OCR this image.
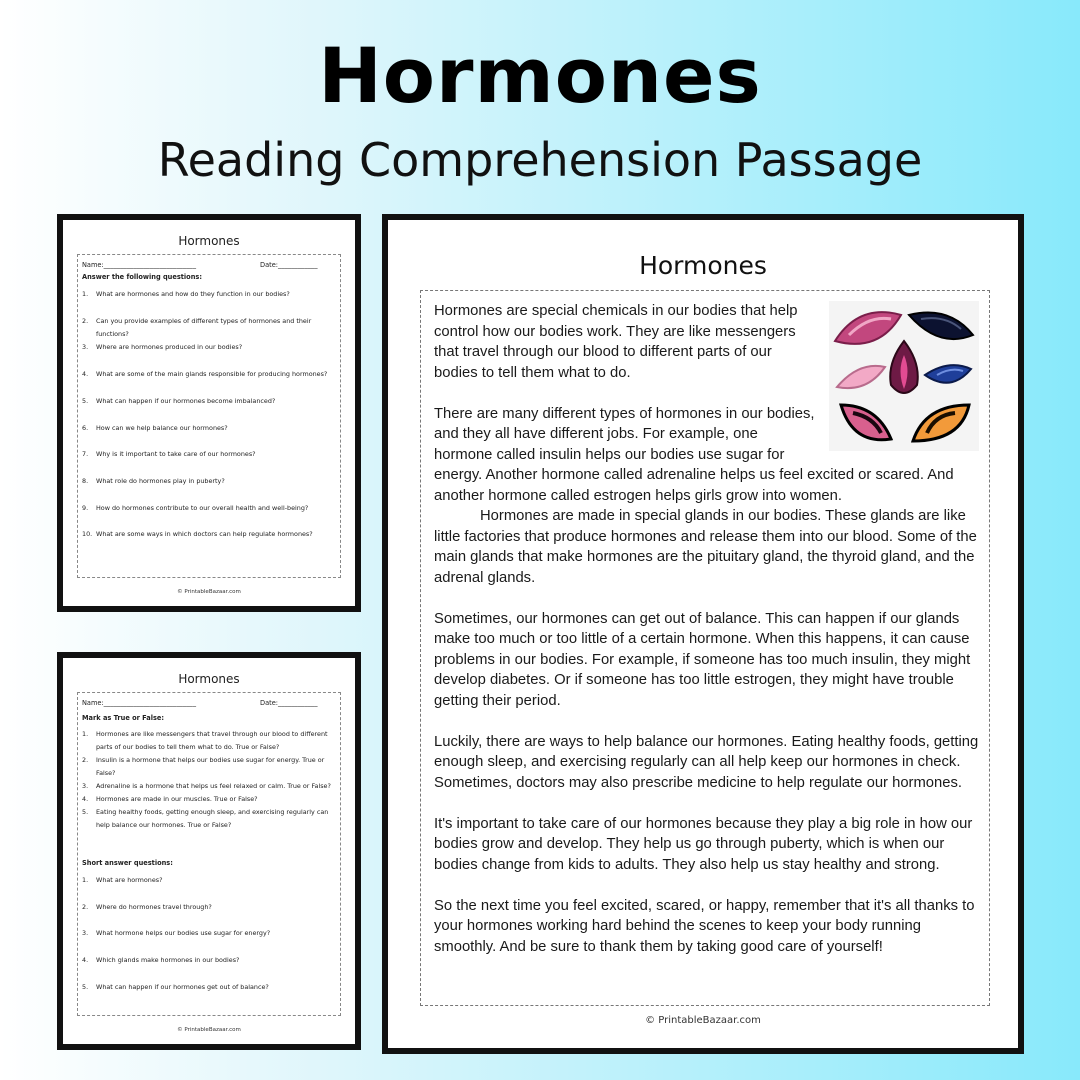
Hormones
Reading Comprehension Passage
Hormones
Name:____________________________	Date:____________
Answer the following questions:
1. What are hormones and how do they function in our bodies?
2. Can you provide examples of different types of hormones and their functions?
3. Where are hormones produced in our bodies?
4. What are some of the main glands responsible for producing hormones?
5. What can happen if our hormones become imbalanced?
6. How can we help balance our hormones?
7. Why is it important to take care of our hormones?
8. What role do hormones play in puberty?
9. How do hormones contribute to our overall health and well-being?
10. What are some ways in which doctors can help regulate hormones?
© PrintableBazaar.com
Hormones
Name:____________________________	Date:____________
Mark as True or False:
1. Hormones are like messengers that travel through our blood to different parts of our bodies to tell them what to do. True or False?
2. Insulin is a hormone that helps our bodies use sugar for energy. True or False?
3. Adrenaline is a hormone that helps us feel relaxed or calm. True or False?
4. Hormones are made in our muscles. True or False?
5. Eating healthy foods, getting enough sleep, and exercising regularly can help balance our hormones. True or False?
Short answer questions:
1. What are hormones?
2. Where do hormones travel through?
3. What hormone helps our bodies use sugar for energy?
4. Which glands make hormones in our bodies?
5. What can happen if our hormones get out of balance?
© PrintableBazaar.com
Hormones

Hormones are special chemicals in our bodies that help control how our bodies work. They are like messengers that travel through our blood to different parts of our bodies to tell them what to do.

There are many different types of hormones in our bodies, and they all have different jobs. For example, one hormone called insulin helps our bodies use sugar for energy. Another hormone called adrenaline helps us feel excited or scared. And another hormone called estrogen helps girls grow into women.

Hormones are made in special glands in our bodies. These glands are like little factories that produce hormones and release them into our blood. Some of the main glands that make hormones are the pituitary gland, the thyroid gland, and the adrenal glands.

Sometimes, our hormones can get out of balance. This can happen if our glands make too much or too little of a certain hormone. When this happens, it can cause problems in our bodies. For example, if someone has too much insulin, they might develop diabetes. Or if someone has too little estrogen, they might have trouble getting their period.

Luckily, there are ways to help balance our hormones. Eating healthy foods, getting enough sleep, and exercising regularly can all help keep our hormones in check. Sometimes, doctors may also prescribe medicine to help regulate our hormones.

It's important to take care of our hormones because they play a big role in how our bodies grow and develop. They help us go through puberty, which is when our bodies change from kids to adults. They also help us stay healthy and strong.

So the next time you feel excited, scared, or happy, remember that it's all thanks to your hormones working hard behind the scenes to keep your body running smoothly. And be sure to thank them by taking good care of yourself!

© PrintableBazaar.com
